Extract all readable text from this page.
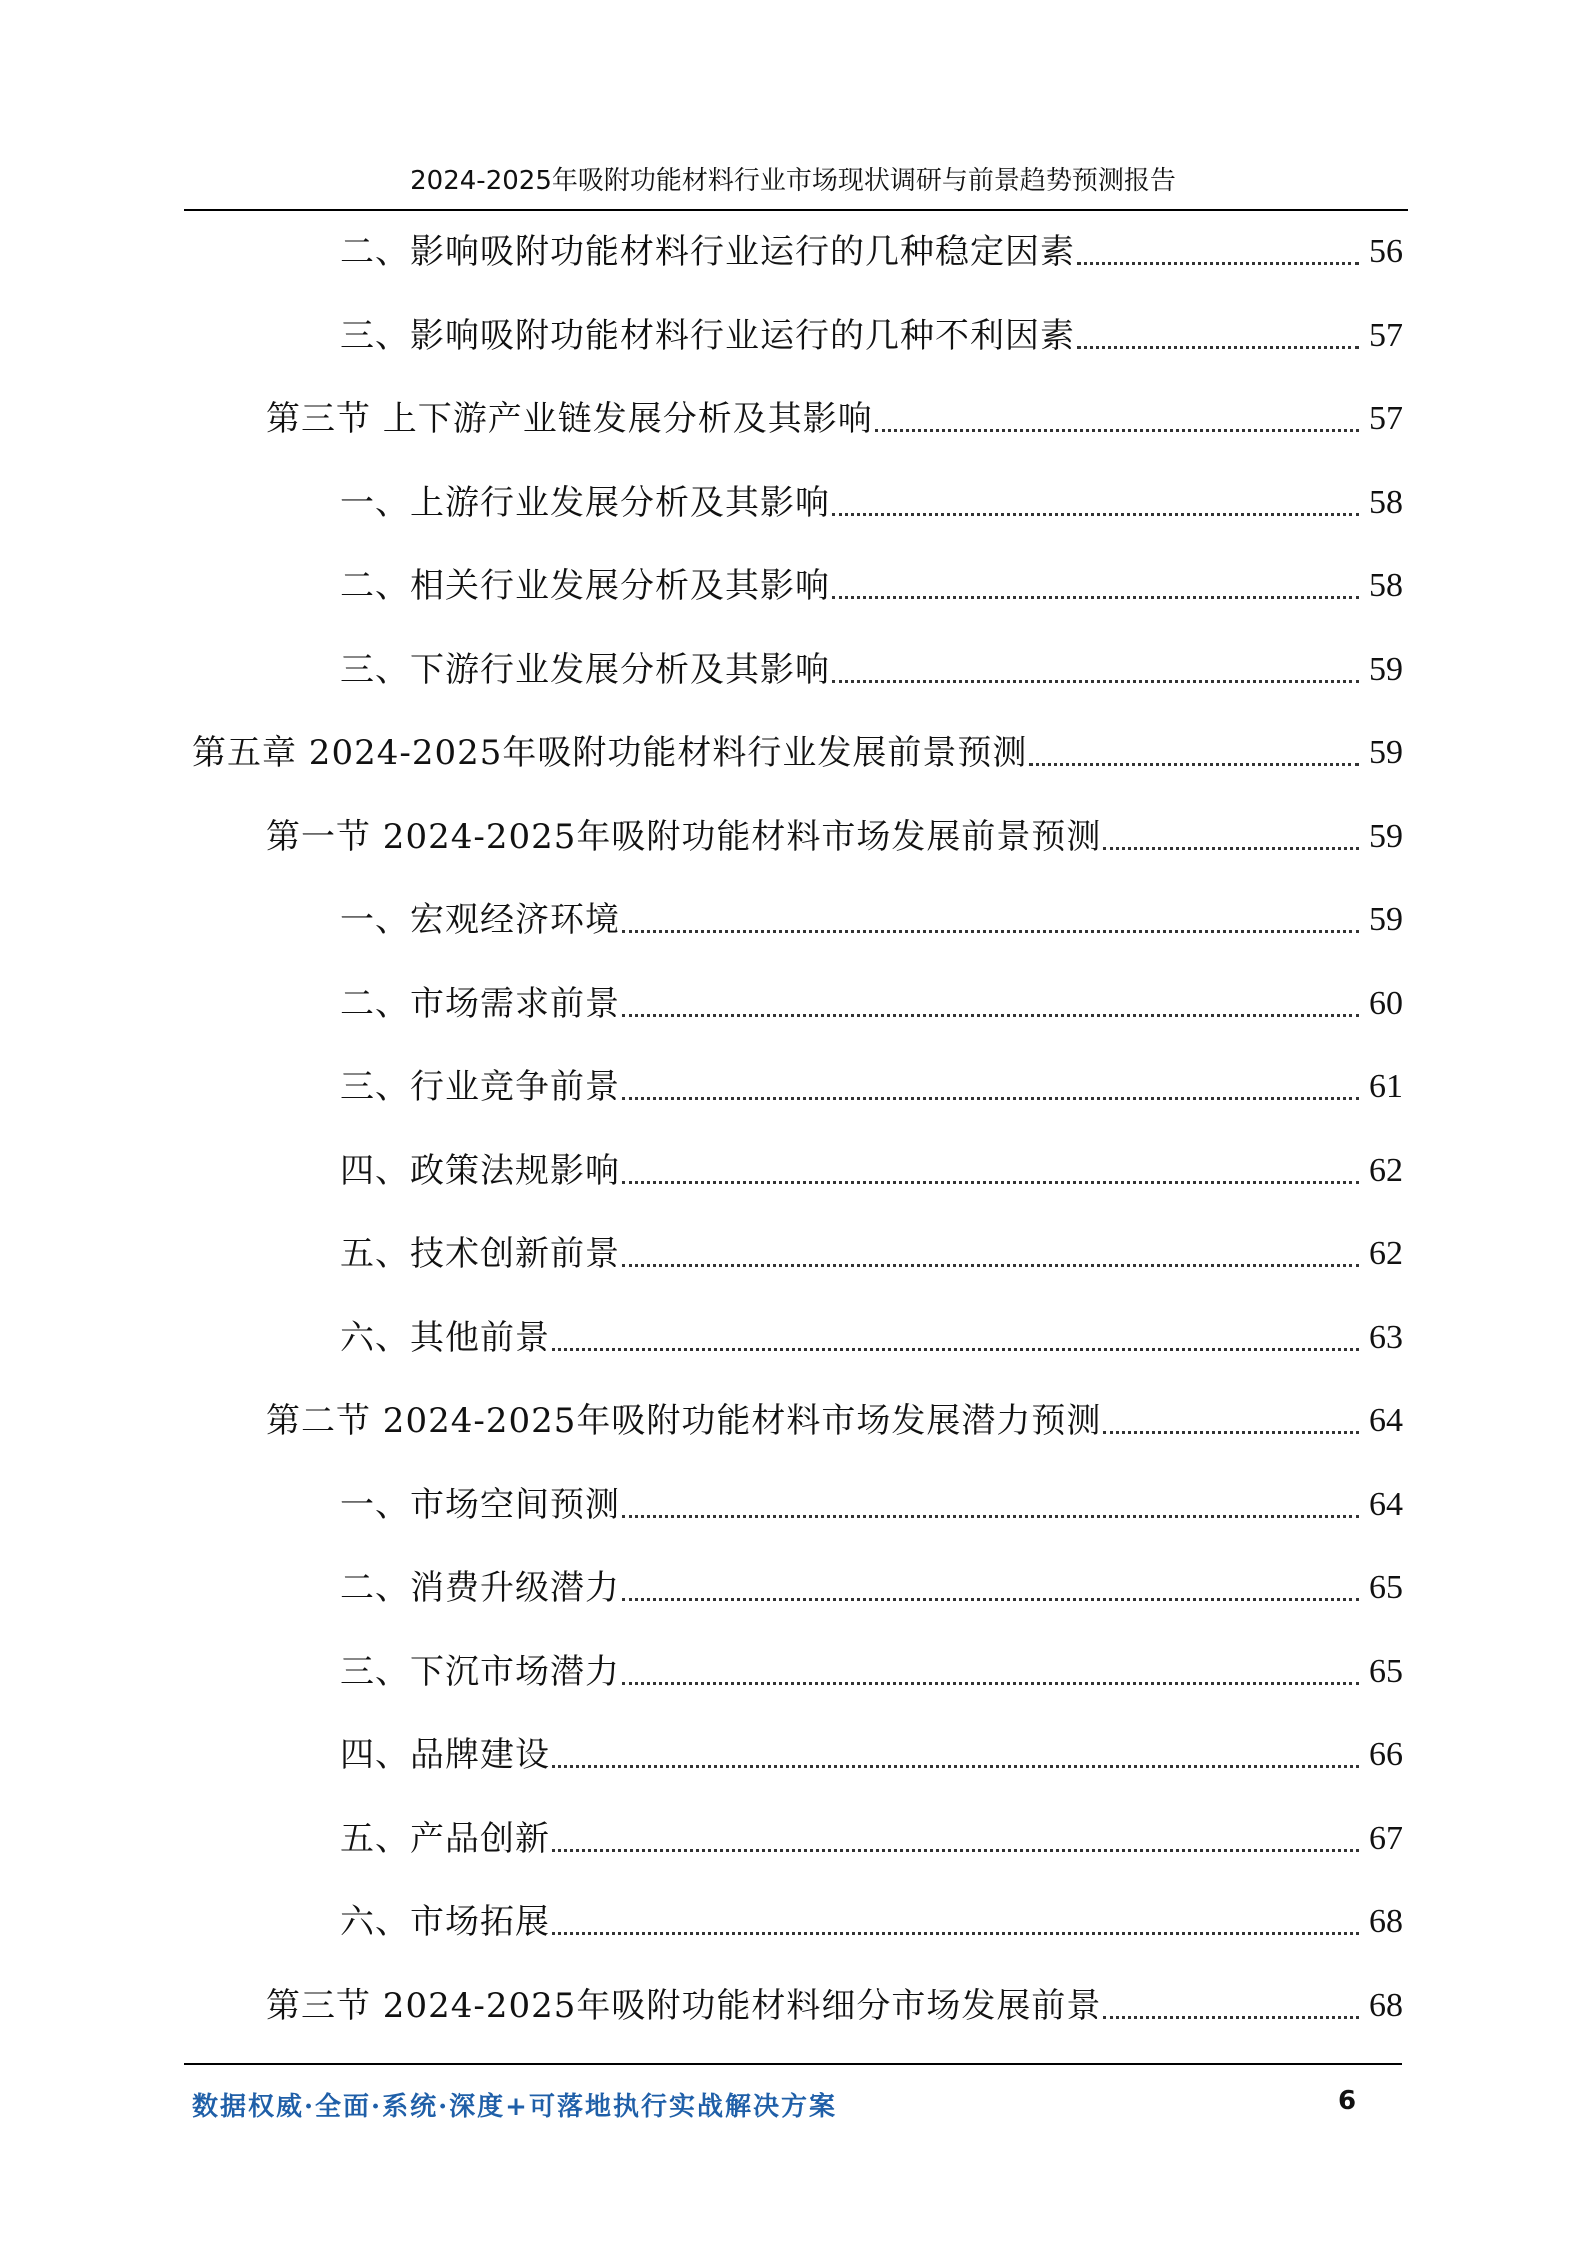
2024-2025年吸附功能材料行业市场现状调研与前景趋势预测报告
二、影响吸附功能材料行业运行的几种稳定因素	56
三、影响吸附功能材料行业运行的几种不利因素	57
第三节 上下游产业链发展分析及其影响	57
一、上游行业发展分析及其影响	58
二、相关行业发展分析及其影响	58
三、下游行业发展分析及其影响	59
第五章 2024-2025年吸附功能材料行业发展前景预测	59
第一节 2024-2025年吸附功能材料市场发展前景预测	59
一、宏观经济环境	59
二、市场需求前景	60
三、行业竞争前景	61
四、政策法规影响	62
五、技术创新前景	62
六、其他前景	63
第二节 2024-2025年吸附功能材料市场发展潜力预测	64
一、市场空间预测	64
二、消费升级潜力	65
三、下沉市场潜力	65
四、品牌建设	66
五、产品创新	67
六、市场拓展	68
第三节 2024-2025年吸附功能材料细分市场发展前景	68
数据权威·全面·系统·深度+可落地执行实战解决方案	6
